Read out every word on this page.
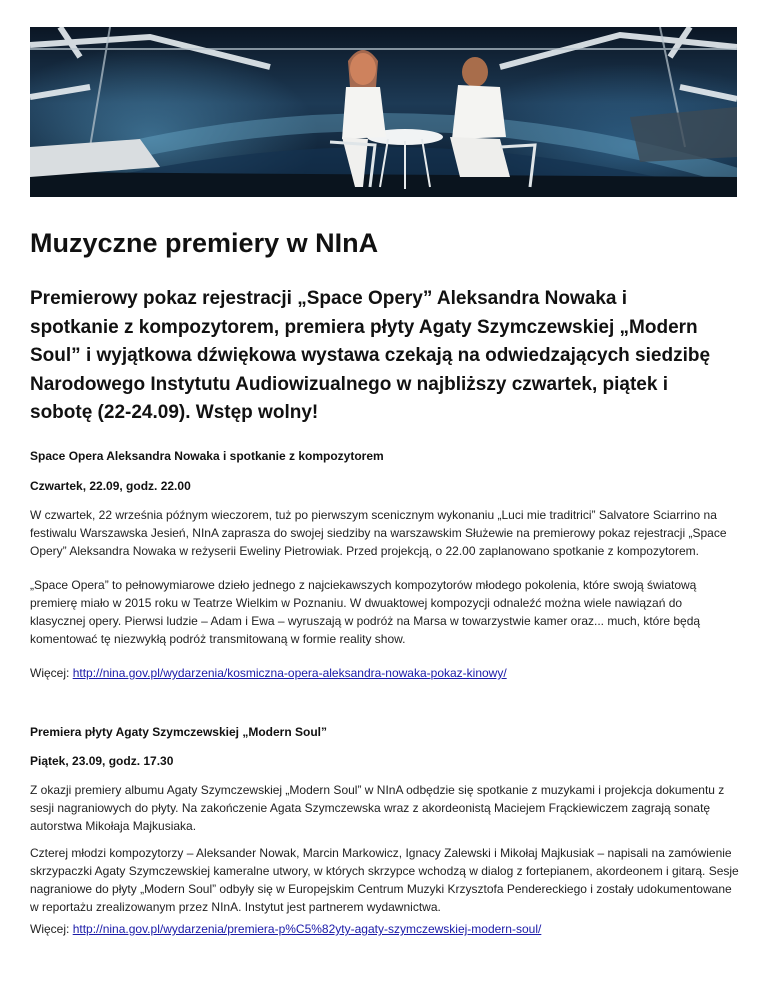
Muzyczne premiery w NInA

Premierowy pokaz rejestracji „Space Opery” Aleksandra Nowaka i spotkanie z kompozytorem, premiera płyty Agaty Szymczewskiej „Modern Soul” i wyjątkowa dźwiękowa wystawa czekają na odwiedzających siedzibę Narodowego Instytutu Audiowizualnego w najbliższy czwartek, piątek i sobotę (22-24.09). Wstęp wolny!

Space Opera Aleksandra Nowaka i spotkanie z kompozytorem

Czwartek, 22.09, godz. 22.00

W czwartek, 22 września późnym wieczorem, tuż po pierwszym scenicznym wykonaniu „Luci mie traditrici” Salvatore Sciarrino na festiwalu Warszawska Jesień, NInA zaprasza do swojej siedziby na warszawskim Służewie na premierowy pokaz rejestracji „Space Opery” Aleksandra Nowaka w reżyserii Eweliny Pietrowiak. Przed projekcją, o 22.00 zaplanowano spotkanie z kompozytorem.

„Space Opera” to pełnowymiarowe dzieło jednego z najciekawszych kompozytorów młodego pokolenia, które swoją światową premierę miało w 2015 roku w Teatrze Wielkim w Poznaniu. W dwuaktowej kompozycji odnaleźć można wiele nawiązań do klasycznej opery. Pierwsi ludzie – Adam i Ewa – wyruszają w podróż na Marsa w towarzystwie kamer oraz... much, które będą komentować tę niezwykłą podróż transmitowaną w formie reality show.

Więcej: http://nina.gov.pl/wydarzenia/kosmiczna-opera-aleksandra-nowaka-pokaz-kinowy/

Premiera płyty Agaty Szymczewskiej „Modern Soul”

Piątek, 23.09, godz. 17.30

Z okazji premiery albumu Agaty Szymczewskiej „Modern Soul” w NInA odbędzie się spotkanie z muzykami i projekcja dokumentu z sesji nagraniowych do płyty. Na zakończenie Agata Szymczewska wraz z akordeonistą Maciejem Frąckiewiczem zagrają sonatę autorstwa Mikołaja Majkusiaka.

Czterej młodzi kompozytorzy – Aleksander Nowak, Marcin Markowicz, Ignacy Zalewski i Mikołaj Majkusiak – napisali na zamówienie skrzypaczki Agaty Szymczewskiej kameralne utwory, w których skrzypce wchodzą w dialog z fortepianem, akordeonem i gitarą. Sesje nagraniowe do płyty „Modern Soul” odbyły się w Europejskim Centrum Muzyki Krzysztofa Pendereckiego i zostały udokumentowane w reportażu zrealizowanym przez NInA. Instytut jest partnerem wydawnictwa.

Więcej: http://nina.gov.pl/wydarzenia/premiera-p%C5%82yty-agaty-szymczewskiej-modern-soul/
